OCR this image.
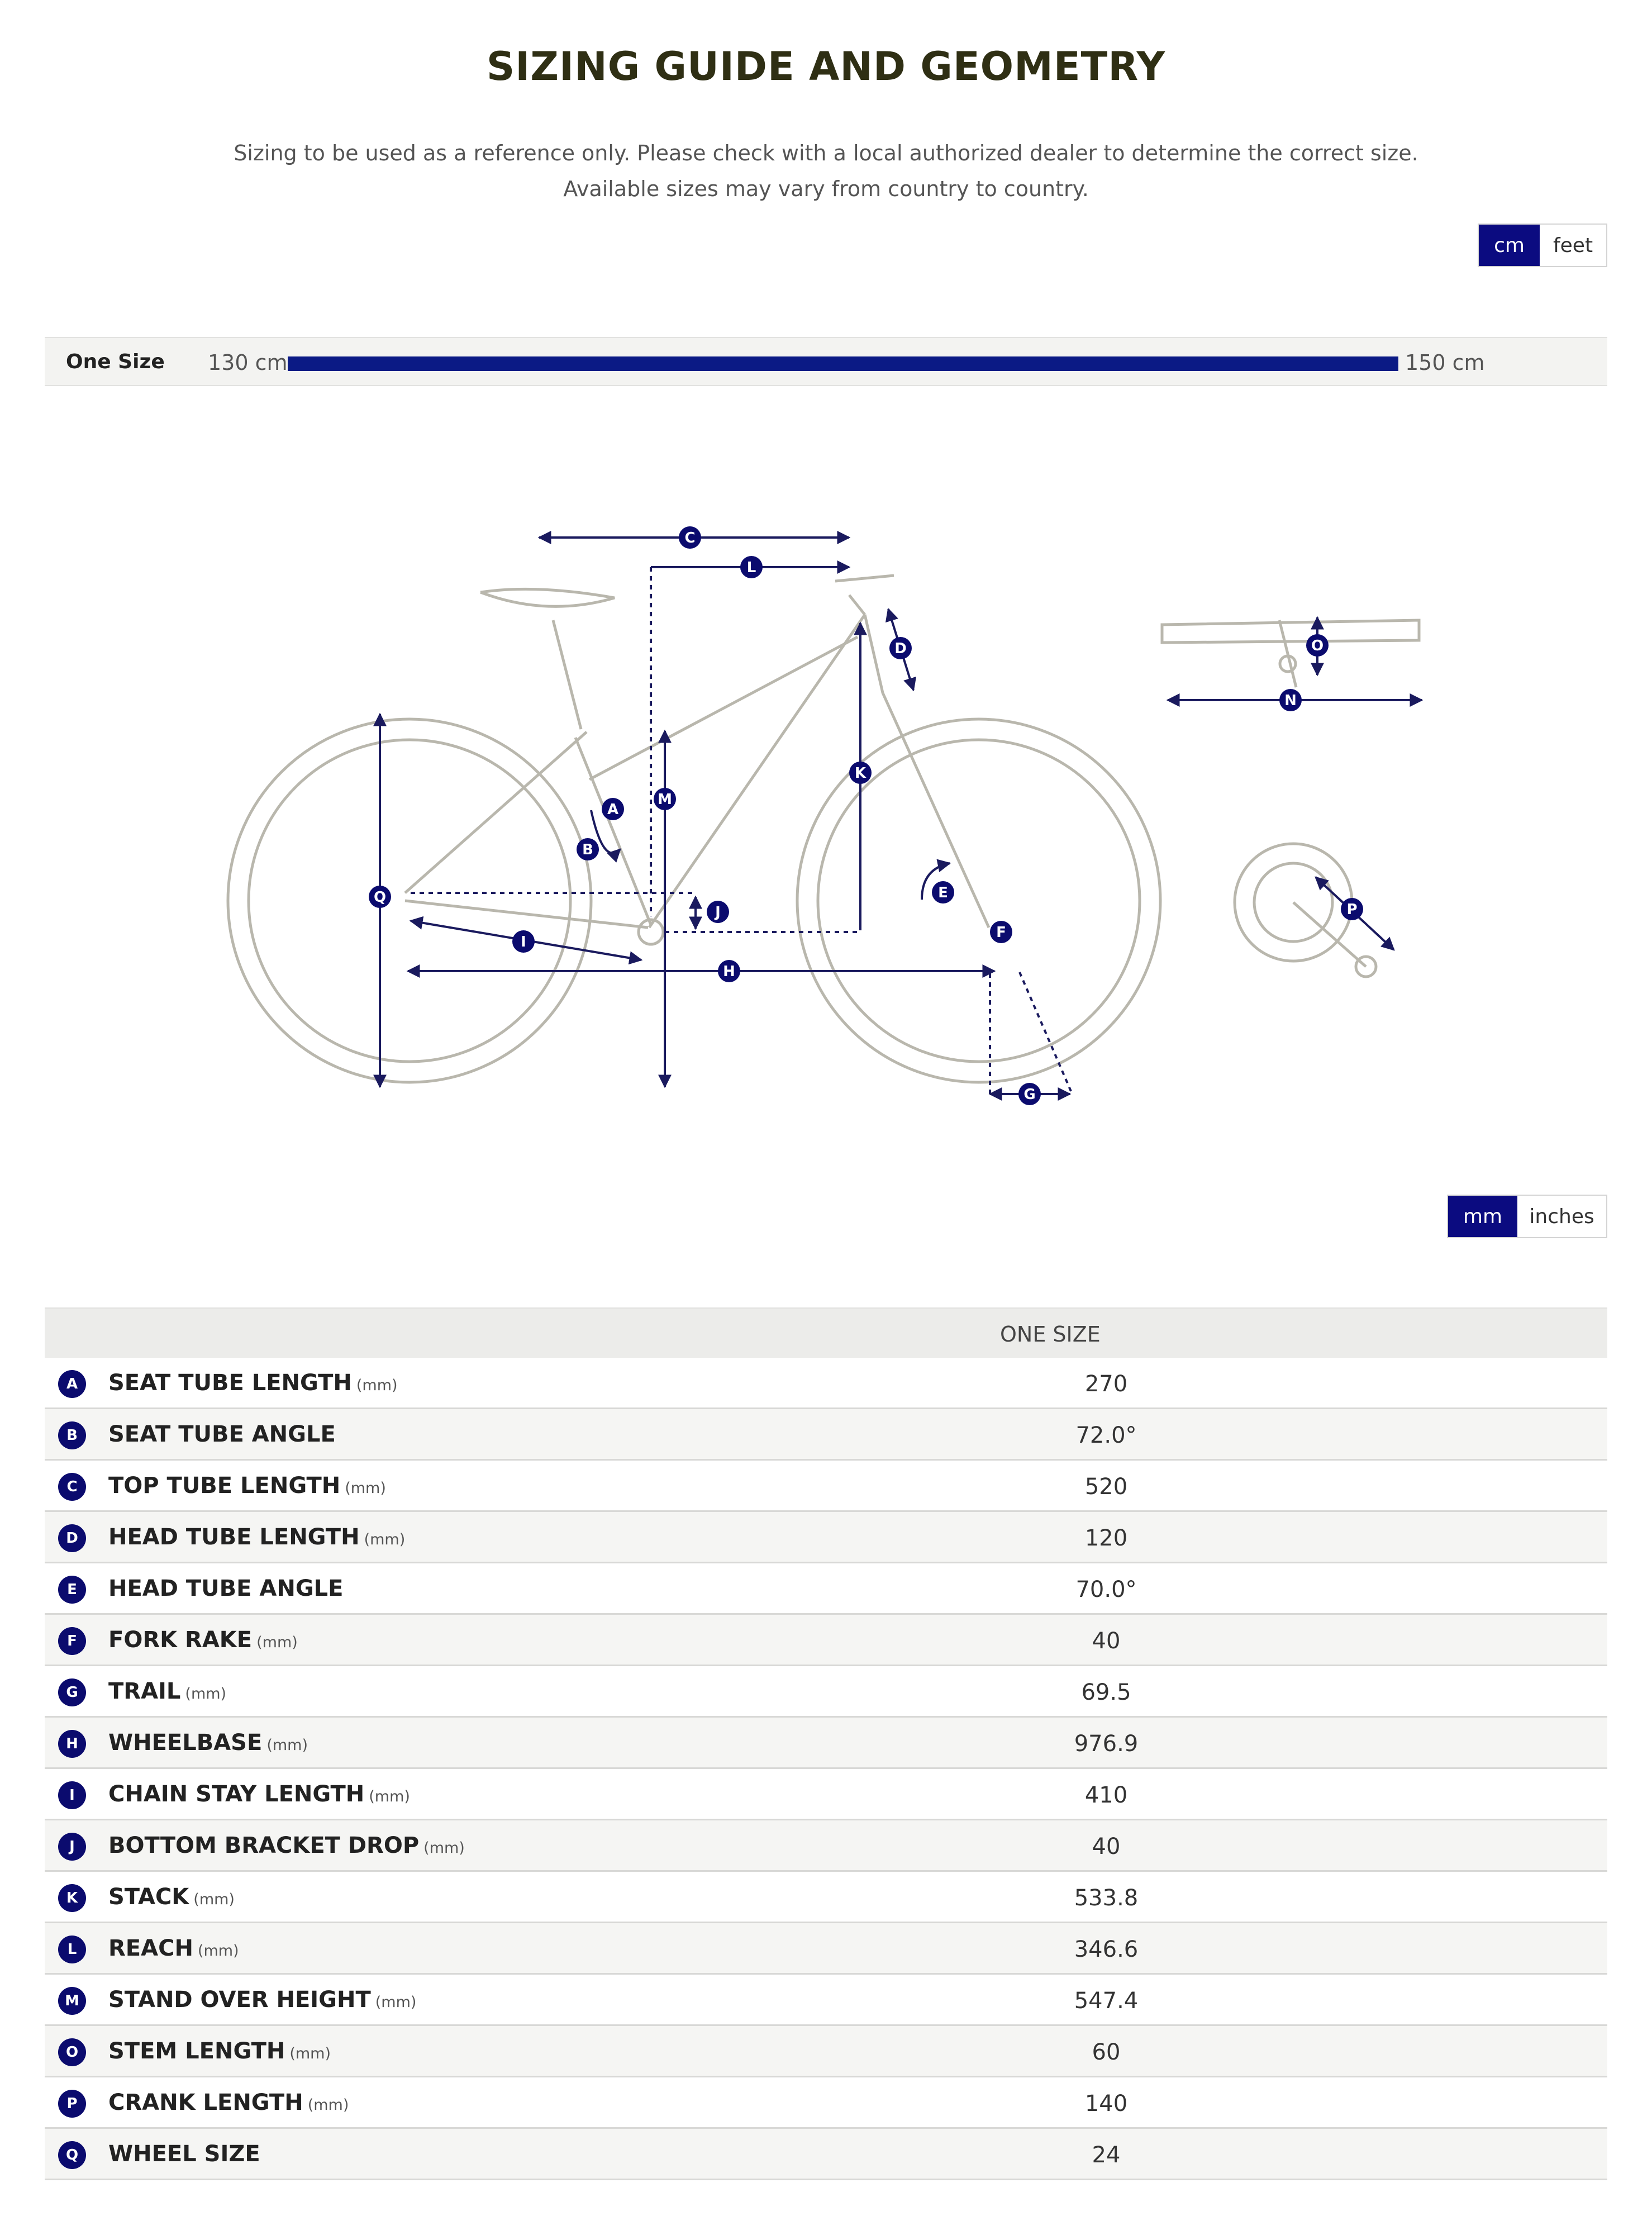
SIZING GUIDE AND GEOMETRY
Sizing to be used as a reference only. Please check with a local authorized dealer to determine the correct size.
Available sizes may vary from country to country.
cm	feet
One Size 130 cm	150 cm
C
L
D
K
M
A
B
Q
J
E
F
I
H
G
O
N
P
mm	inches
ONE SIZE
A	SEAT TUBE LENGTH (mm)	270
B	SEAT TUBE ANGLE	72.0°
C	TOP TUBE LENGTH (mm)	520
D	HEAD TUBE LENGTH (mm)	120
E	HEAD TUBE ANGLE	70.0°
F	FORK RAKE (mm)	40
G	TRAIL (mm)	69.5
H	WHEELBASE (mm)	976.9
I	CHAIN STAY LENGTH (mm)	410
J	BOTTOM BRACKET DROP (mm)	40
K	STACK (mm)	533.8
L	REACH (mm)	346.6
M	STAND OVER HEIGHT (mm)	547.4
O	STEM LENGTH (mm)	60
P	CRANK LENGTH (mm)	140
Q	WHEEL SIZE	24
